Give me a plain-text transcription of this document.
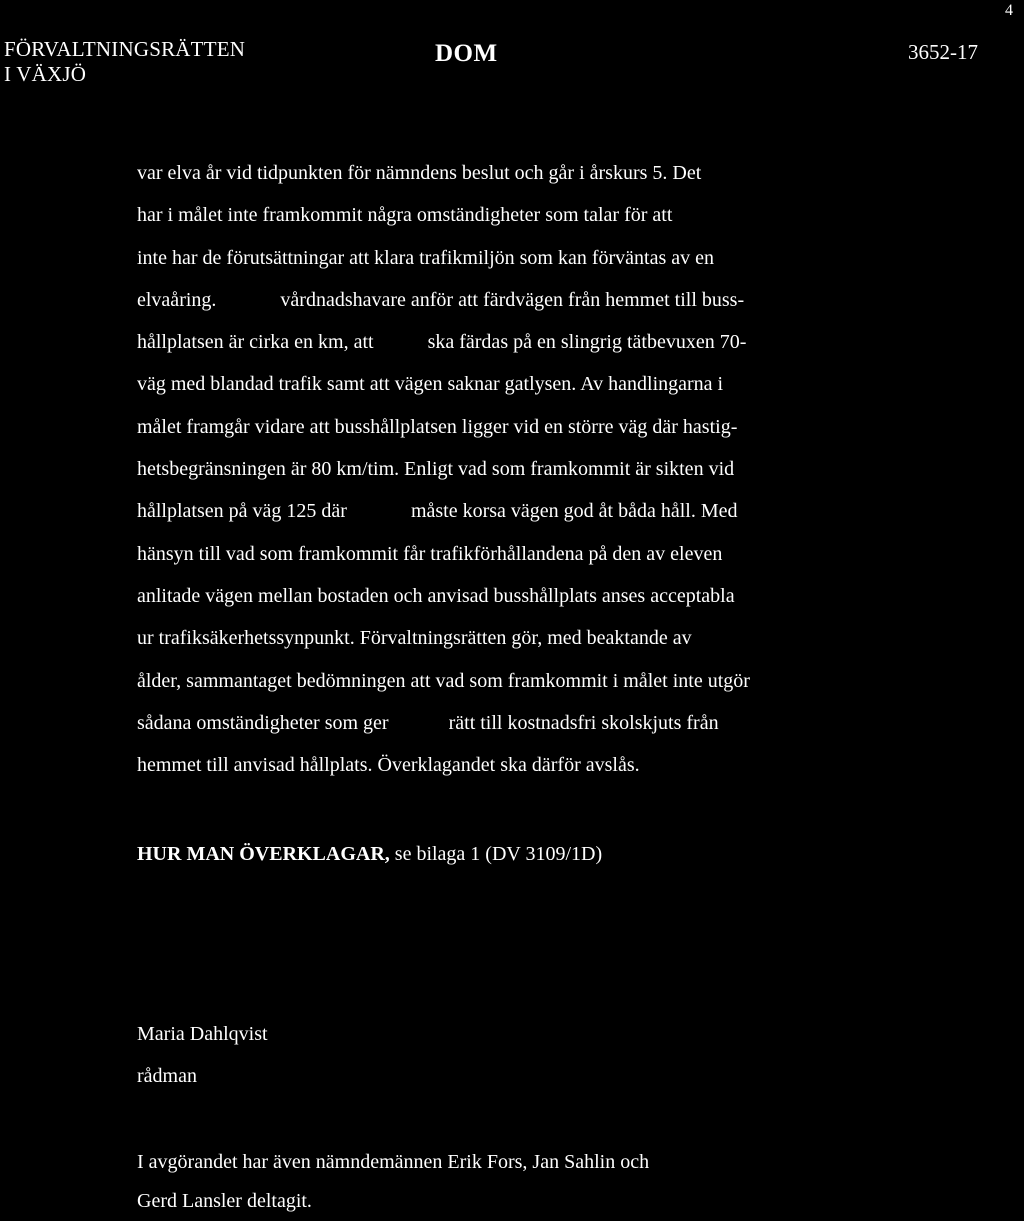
4
FÖRVALTNINGSRÄTTEN
I VÄXJÖ
DOM	3652-17
var elva år vid tidpunkten för nämndens beslut och går i årskurs 5. Det
har i målet inte framkommit några omständigheter som talar för att
inte har de förutsättningar att klara trafikmiljön som kan förväntas av en
elvaåring.	vårdnadshavare anför att färdvägen från hemmet till buss-
hållplatsen är cirka en km, att	ska färdas på en slingrig tätbevuxen 70-
väg med blandad trafik samt att vägen saknar gatlysen. Av handlingarna i
målet framgår vidare att busshållplatsen ligger vid en större väg där hastig-
hetsbegränsningen är 80 km/tim. Enligt vad som framkommit är sikten vid
hållplatsen på väg 125 där	måste korsa vägen god åt båda håll. Med
hänsyn till vad som framkommit får trafikförhållandena på den av eleven
anlitade vägen mellan bostaden och anvisad busshållplats anses acceptabla
ur trafiksäkerhetssynpunkt. Förvaltningsrätten gör, med beaktande av
ålder, sammantaget bedömningen att vad som framkommit i målet inte utgör
sådana omständigheter som ger	rätt till kostnadsfri skolskjuts från
hemmet till anvisad hållplats. Överklagandet ska därför avslås.
HUR MAN ÖVERKLAGAR, se bilaga 1 (DV 3109/1D)
Maria Dahlqvist
rådman
I avgörandet har även nämndemännen Erik Fors, Jan Sahlin och
Gerd Lansler deltagit.
